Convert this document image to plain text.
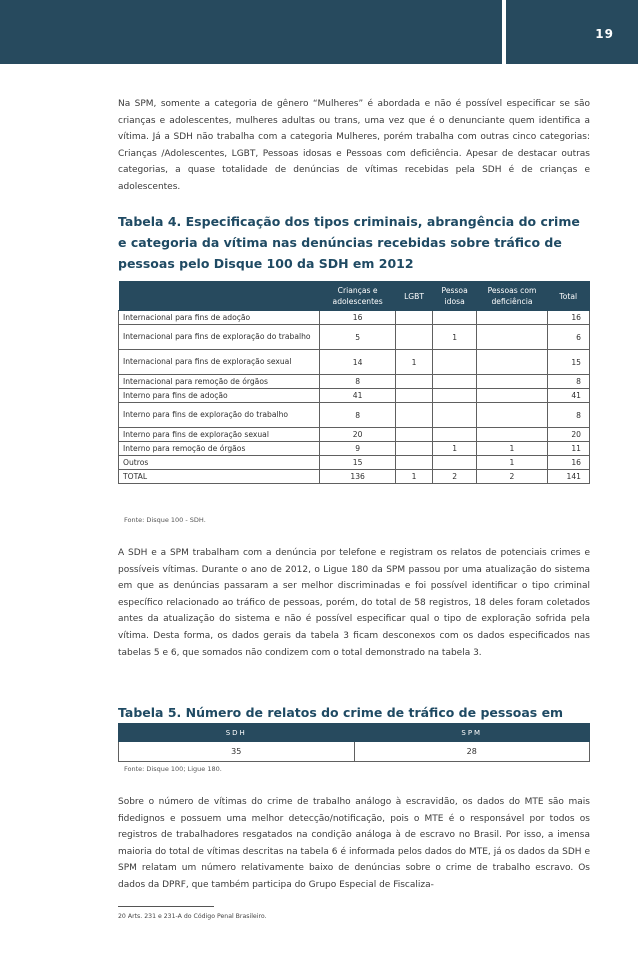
19

Na SPM, somente a categoria de gênero “Mulheres” é abordada e não é possível especificar se são crianças e adolescentes, mulheres adultas ou trans, uma vez que é o denunciante quem identifica a vítima. Já a SDH não trabalha com a categoria Mulheres, porém trabalha com outras cinco categorias: Crianças /Adolescentes, LGBT, Pessoas idosas e Pessoas com deficiência. Apesar de destacar outras categorias, a quase totalidade de denúncias de vítimas recebidas pela SDH é de crianças e adolescentes.

Tabela 4. Especificação dos tipos criminais, abrangência do crime e categoria da vítima nas denúncias recebidas sobre tráfico de pessoas pelo Disque 100 da SDH em 2012
	Crianças e adolescentes	LGBT	Pessoa idosa	Pessoas com deficiência	Total
Internacional para fins de adoção	16				16
Internacional para fins de exploração do trabalho	5		1		6
Internacional para fins de exploração sexual	14	1			15
Internacional para remoção de órgãos	8				8
Interno para fins de adoção	41				41
Interno para fins de exploração do trabalho	8				8
Interno para fins de exploração sexual	20				20
Interno para remoção de órgãos	9		1	1	11
Outros	15			1	16
TOTAL	136	1	2	2	141
Fonte: Disque 100 - SDH.

A SDH e a SPM trabalham com a denúncia por telefone e registram os relatos de potenciais crimes e possíveis vítimas. Durante o ano de 2012, o Ligue 180 da SPM passou por uma atualização do sistema em que as denúncias passaram a ser melhor discriminadas e foi possível identificar o tipo criminal específico relacionado ao tráfico de pessoas, porém, do total de 58 registros, 18 deles foram coletados antes da atualização do sistema e não é possível especificar qual o tipo de exploração sofrida pela vítima. Desta forma, os dados gerais da tabela 3 ficam desconexos com os dados especificados nas tabelas 5 e 6, que somados não condizem com o total demonstrado na tabela 3.

Tabela 5. Número de relatos do crime de tráfico de pessoas em
SDH	SPM
35	28
Fonte: Disque 100; Ligue 180.

Sobre o número de vítimas do crime de trabalho análogo à escravidão, os dados do MTE são mais fidedignos e possuem uma melhor detecção/notificação, pois o MTE é o responsável por todos os registros de trabalhadores resgatados na condição análoga à de escravo no Brasil. Por isso, a imensa maioria do total de vítimas descritas na tabela 6 é informada pelos dados do MTE, já os dados da SDH e SPM relatam um número relativamente baixo de denúncias sobre o crime de trabalho escravo. Os dados da DPRF, que também participa do Grupo Especial de Fiscaliza-

20 Arts. 231 e 231-A do Código Penal Brasileiro.
